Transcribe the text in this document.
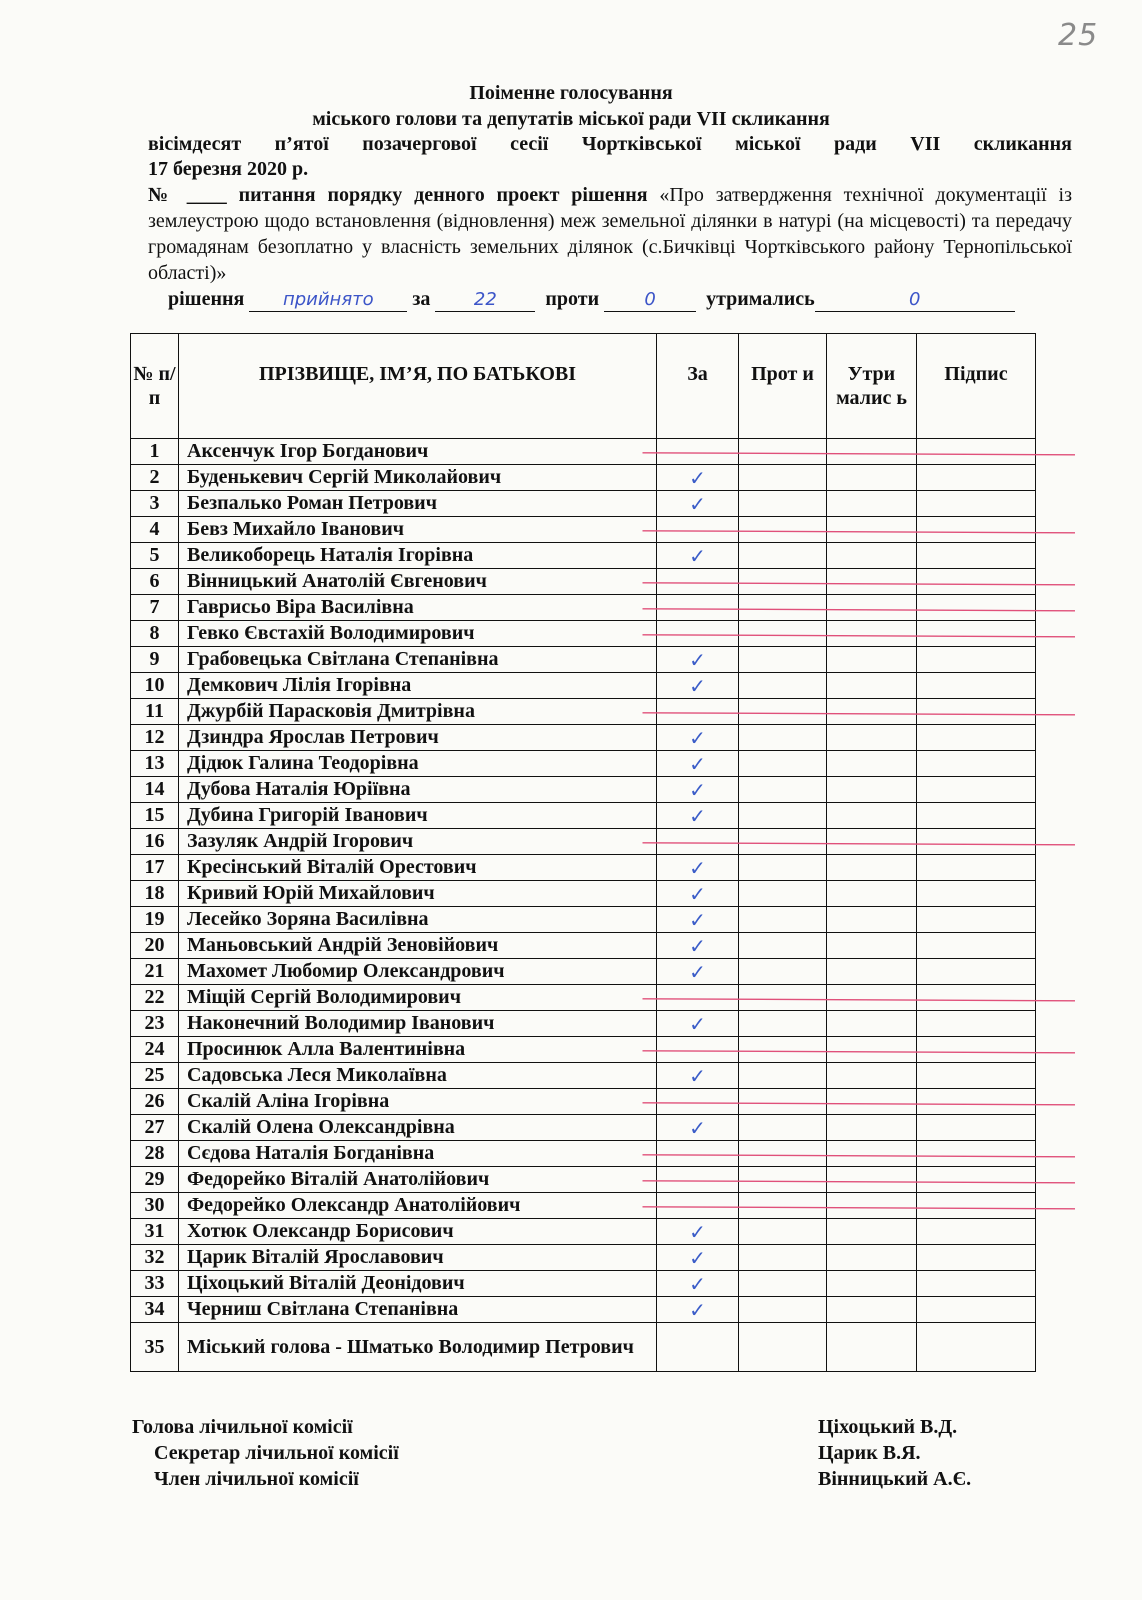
25
Поіменне голосування
міського голови та депутатів міської ради VII скликання
вісімдесят п’ятої позачергової сесії Чортківської міської ради VII скликання
17 березня 2020 р.
№ ____ питання порядку денного проект рішення «Про затвердження технічної документації із землеустрою щодо встановлення (відновлення) меж земельної ділянки в натурі (на місцевості) та передачу громадянам безоплатно у власність земельних ділянок (с.Бичківці Чортківського району Тернопільської області)»
рішення прийнято за 22 проти	0	утримались	0
№ п/п	ПРІЗВИЩЕ, ІМ’Я, ПО БАТЬКОВІ	За	Прот и	Утри малис ь	Підпис
1	Аксенчук Ігор Богданович				
2	Буденькевич Сергій Миколайович	✓			
3	Безпалько Роман Петрович	✓			
4	Бевз Михайло Іванович				
5	Великоборець Наталія Ігорівна	✓			
6	Вінницький Анатолій Євгенович				
7	Гаврисьо Віра Василівна				
8	Гевко Євстахій Володимирович				
9	Грабовецька Світлана Степанівна	✓			
10	Демкович Лілія Ігорівна	✓			
11	Джурбій Парасковія Дмитрівна				
12	Дзиндра Ярослав Петрович	✓			
13	Дідюк Галина Теодорівна	✓			
14	Дубова Наталія Юріївна	✓			
15	Дубина Григорій Іванович	✓			
16	Зазуляк Андрій Ігорович				
17	Кресінський Віталій Орестович	✓			
18	Кривий Юрій Михайлович	✓			
19	Лесейко Зоряна Василівна	✓			
20	Маньовський Андрій Зеновійович	✓			
21	Махомет Любомир Олександрович	✓			
22	Міщій Сергій Володимирович				
23	Наконечний Володимир Іванович	✓			
24	Просинюк Алла Валентинівна				
25	Садовська Леся Миколаївна	✓			
26	Скалій Аліна Ігорівна				
27	Скалій Олена Олександрівна	✓			
28	Сєдова Наталія Богданівна				
29	Федорейко Віталій Анатолійович				
30	Федорейко Олександр Анатолійович				
31	Хотюк Олександр Борисович	✓			
32	Царик Віталій Ярославович	✓			
33	Ціхоцький Віталій Деонідович	✓			
34	Черниш Світлана Степанівна	✓			
35	Міський голова - Шматько Володимир Петрович				
Голова лічильної комісії
Секретар лічильної комісії
Член лічильної комісії
Ціхоцький В.Д.
Царик В.Я.
Вінницький А.Є.
